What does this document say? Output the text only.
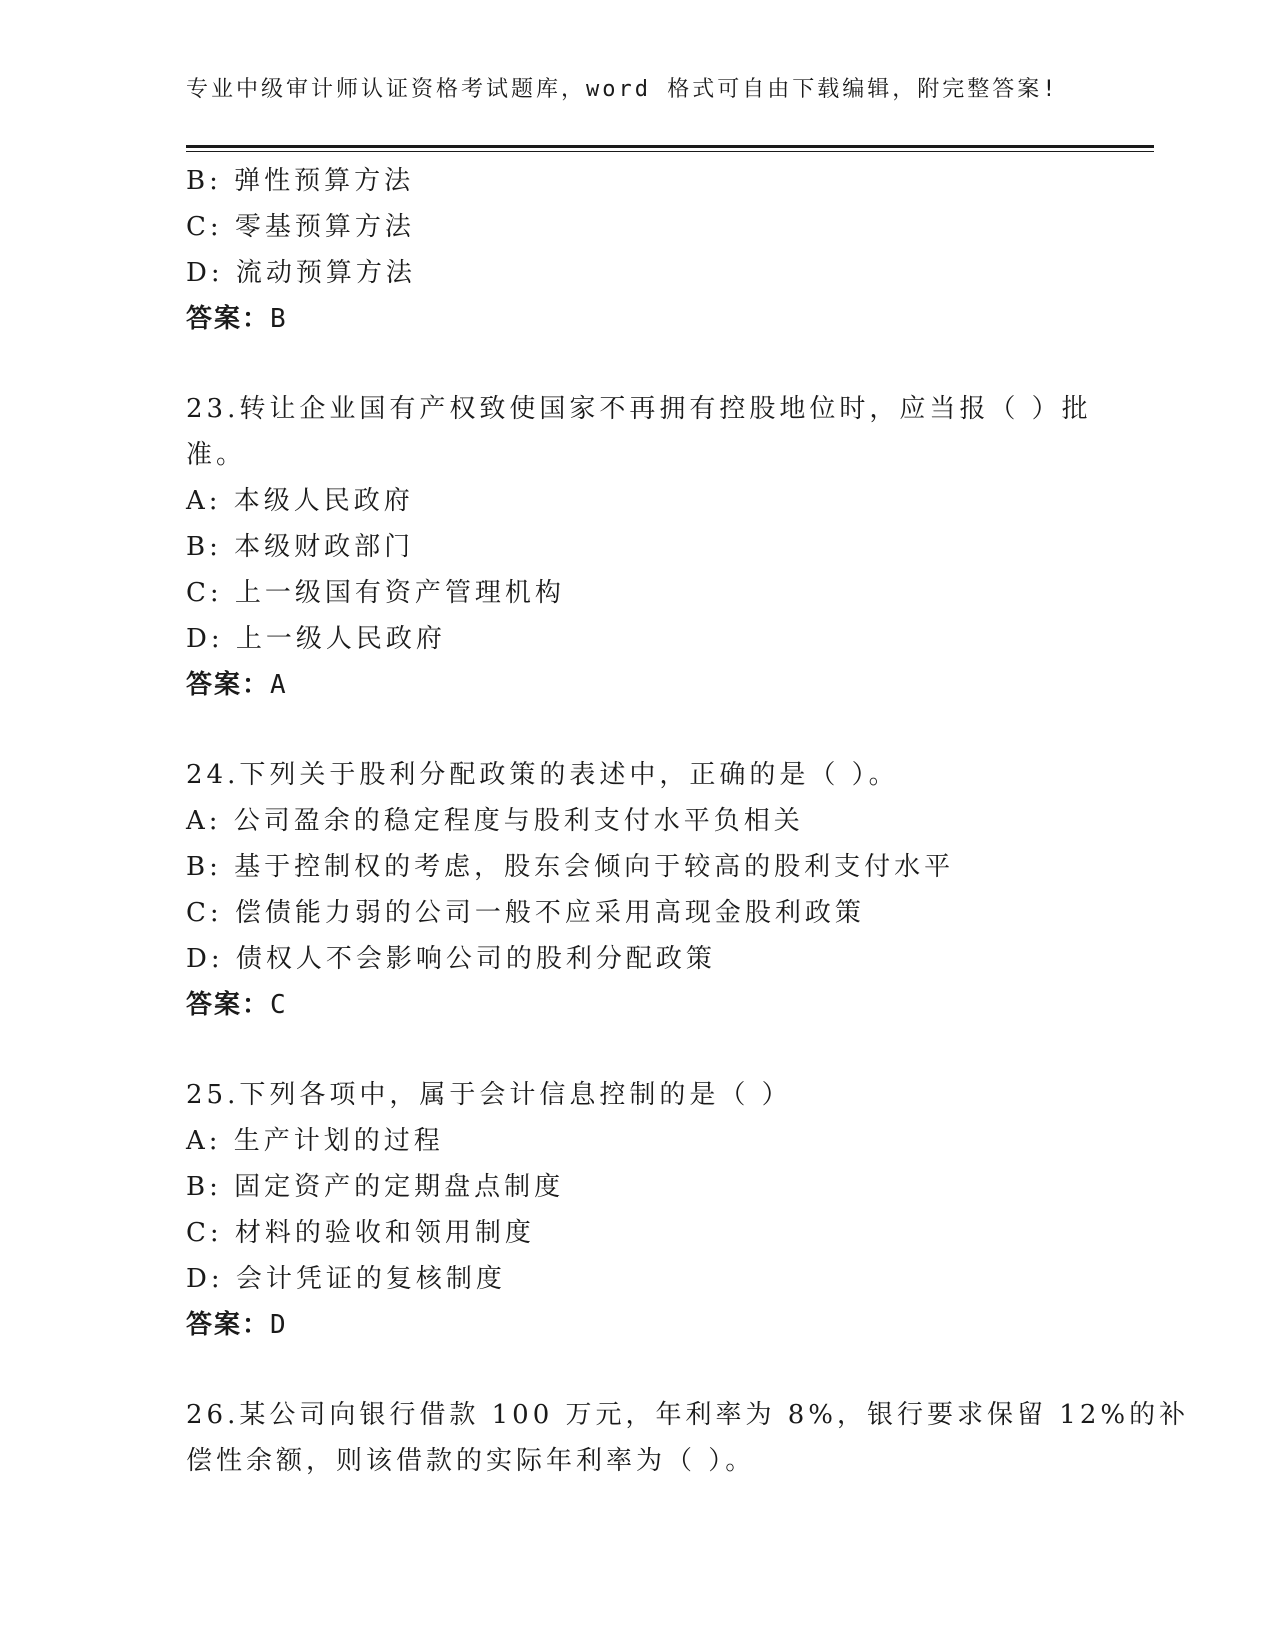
专业中级审计师认证资格考试题库，word 格式可自由下载编辑，附完整答案!
B: 弹性预算方法
C: 零基预算方法
D: 流动预算方法
答案：B
23.转让企业国有产权致使国家不再拥有控股地位时，应当报（ ）批
准。
A: 本级人民政府
B: 本级财政部门
C: 上一级国有资产管理机构
D: 上一级人民政府
答案：A
24.下列关于股利分配政策的表述中，正确的是（ ）。
A: 公司盈余的稳定程度与股利支付水平负相关
B: 基于控制权的考虑，股东会倾向于较高的股利支付水平
C: 偿债能力弱的公司一般不应采用高现金股利政策
D: 债权人不会影响公司的股利分配政策
答案：C
25.下列各项中，属于会计信息控制的是（ ）
A: 生产计划的过程
B: 固定资产的定期盘点制度
C: 材料的验收和领用制度
D: 会计凭证的复核制度
答案：D
26.某公司向银行借款 100 万元，年利率为 8%，银行要求保留 12%的补
偿性余额，则该借款的实际年利率为（ ）。
